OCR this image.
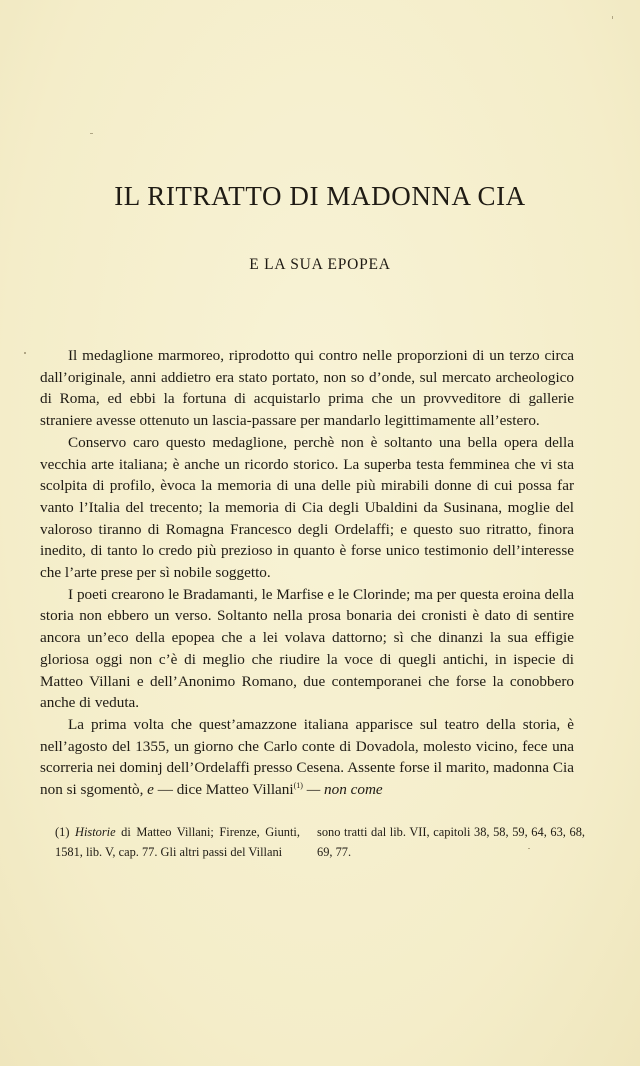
IL RITRATTO DI MADONNA CIA
E LA SUA EPOPEA

Il medaglione marmoreo, riprodotto qui contro nelle proporzioni di un terzo circa dall’originale, anni addietro era stato portato, non so d’onde, sul mercato archeologico di Roma, ed ebbi la fortuna di acquistarlo prima che un provveditore di gallerie straniere avesse ottenuto un lascia-passare per mandarlo legittimamente all’estero.

Conservo caro questo medaglione, perchè non è soltanto una bella opera della vecchia arte italiana; è anche un ricordo storico. La superba testa femminea che vi sta scolpita di profilo, èvoca la memoria di una delle più mirabili donne di cui possa far vanto l’Italia del trecento; la memoria di Cia degli Ubaldini da Susinana, moglie del valoroso tiranno di Romagna Francesco degli Ordelaffi; e questo suo ritratto, finora inedito, di tanto lo credo più prezioso in quanto è forse unico testimonio dell’interesse che l’arte prese per sì nobile soggetto.

I poeti crearono le Bradamanti, le Marfise e le Clorinde; ma per questa eroina della storia non ebbero un verso. Soltanto nella prosa bonaria dei cronisti è dato di sentire ancora un’eco della epopea che a lei volava dattorno; sì che dinanzi la sua effigie gloriosa oggi non c’è di meglio che riudire la voce di quegli antichi, in ispecie di Matteo Villani e dell’Anonimo Romano, due contemporanei che forse la conobbero anche di veduta.

La prima volta che quest’amazzone italiana apparisce sul teatro della storia, è nell’agosto del 1355, un giorno che Carlo conte di Dovadola, molesto vicino, fece una scorreria nei dominj dell’Ordelaffi presso Cesena. Assente forse il marito, madonna Cia non si sgomentò, e — dice Matteo Villani$^{(1)}$ — non come

(1) Historie di Matteo Villani; Firenze, Giunti, 1581, lib. V, cap. 77. Gli altri passi del Villani
sono tratti dal lib. VII, capitoli 38, 58, 59, 64, 63, 68, 69, 77.
